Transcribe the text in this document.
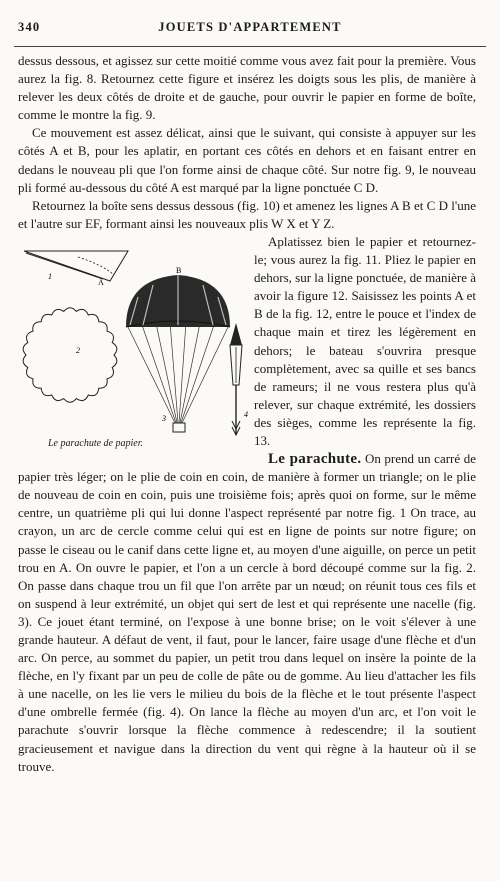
340	JOUETS D'APPARTEMENT

dessus dessous, et agissez sur cette moitié comme vous avez fait pour la première. Vous aurez la fig. 8. Retournez cette figure et insérez les doigts sous les plis, de manière à relever les deux côtés de droite et de gauche, pour ouvrir le papier en forme de boîte, comme le montre la fig. 9.

Ce mouvement est assez délicat, ainsi que le suivant, qui consiste à appuyer sur les côtés A et B, pour les aplatir, en portant ces côtés en dehors et en faisant entrer en dedans le nouveau pli que l'on forme ainsi de chaque côté. Sur notre fig. 9, le nouveau pli formé au-dessous du côté A est marqué par la ligne ponctuée C D.

Retournez la boîte sens dessus dessous (fig. 10) et amenez les lignes A B et C D l'une et l'autre sur EF, formant ainsi les nouveaux plis W X et Y Z.

1
A
2
B
3	4
Le parachute de papier.

Aplatissez bien le papier et retournez-le; vous aurez la fig. 11. Pliez le papier en dehors, sur la ligne ponctuée, de manière à avoir la figure 12. Saisissez les points A et B de la fig. 12, entre le pouce et l'index de chaque main et tirez les légèrement en dehors; le bateau s'ouvrira presque complètement, avec sa quille et ses bancs de rameurs; il ne vous restera plus qu'à relever, sur chaque extrémité, les dossiers des sièges, comme les représente la fig. 13.

Le parachute. On prend un carré de papier très léger; on le plie de coin en coin, de manière à former un triangle; on le plie de nouveau de coin en coin, puis une troisième fois; après quoi on forme, sur le même centre, un quatrième pli qui lui donne l'aspect représenté par notre fig. 1 On trace, au crayon, un arc de cercle comme celui qui est en ligne de points sur notre figure; on passe le ciseau ou le canif dans cette ligne et, au moyen d'une aiguille, on perce un petit trou en A. On ouvre le papier, et l'on a un cercle à bord découpé comme sur la fig. 2. On passe dans chaque trou un fil que l'on arrête par un nœud; on réunit tous ces fils et on suspend à leur extrémité, un objet qui sert de lest et qui représente une nacelle (fig. 3). Ce jouet étant terminé, on l'expose à une bonne brise; on le voit s'élever à une grande hauteur. A défaut de vent, il faut, pour le lancer, faire usage d'une flèche et d'un arc. On perce, au sommet du papier, un petit trou dans lequel on insère la pointe de la flèche, en l'y fixant par un peu de colle de pâte ou de gomme. Au lieu d'attacher les fils à une nacelle, on les lie vers le milieu du bois de la flèche et le tout présente l'aspect d'une ombrelle fermée (fig. 4). On lance la flèche au moyen d'un arc, et l'on voit le parachute s'ouvrir lorsque la flèche commence à redescendre; il la soutient gracieusement et navigue dans la direction du vent qui règne à la hauteur où il se trouve.
